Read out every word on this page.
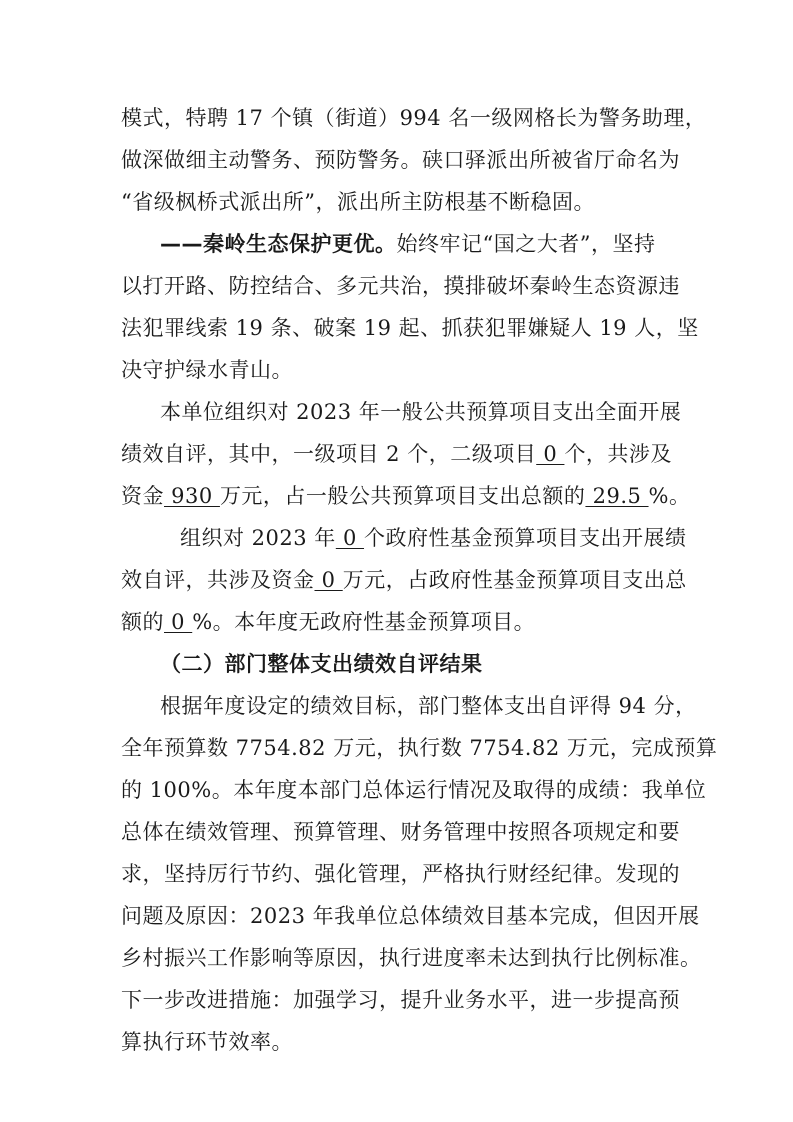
模式，特聘 17 个镇（街道）994 名一级网格长为警务助理，
做深做细主动警务、预防警务。硖口驿派出所被省厅命名为
“省级枫桥式派出所”，派出所主防根基不断稳固。
——秦岭生态保护更优。始终牢记“国之大者”，坚持
以打开路、防控结合、多元共治，摸排破坏秦岭生态资源违
法犯罪线索 19 条、破案 19 起、抓获犯罪嫌疑人 19 人，坚
决守护绿水青山。
本单位组织对 2023 年一般公共预算项目支出全面开展
绩效自评，其中，一级项目 2 个，二级项目 0 个，共涉及
资金 930 万元，占一般公共预算项目支出总额的 29.5 %。
组织对 2023 年 0 个政府性基金预算项目支出开展绩
效自评，共涉及资金 0 万元，占政府性基金预算项目支出总
额的 0 %。本年度无政府性基金预算项目。
（二）部门整体支出绩效自评结果
根据年度设定的绩效目标，部门整体支出自评得 94 分，
全年预算数 7754.82 万元，执行数 7754.82 万元，完成预算
的 100%。本年度本部门总体运行情况及取得的成绩：我单位
总体在绩效管理、预算管理、财务管理中按照各项规定和要
求，坚持厉行节约、强化管理，严格执行财经纪律。发现的
问题及原因：2023 年我单位总体绩效目基本完成，但因开展
乡村振兴工作影响等原因，执行进度率未达到执行比例标准。
下一步改进措施：加强学习，提升业务水平，进一步提高预
算执行环节效率。
